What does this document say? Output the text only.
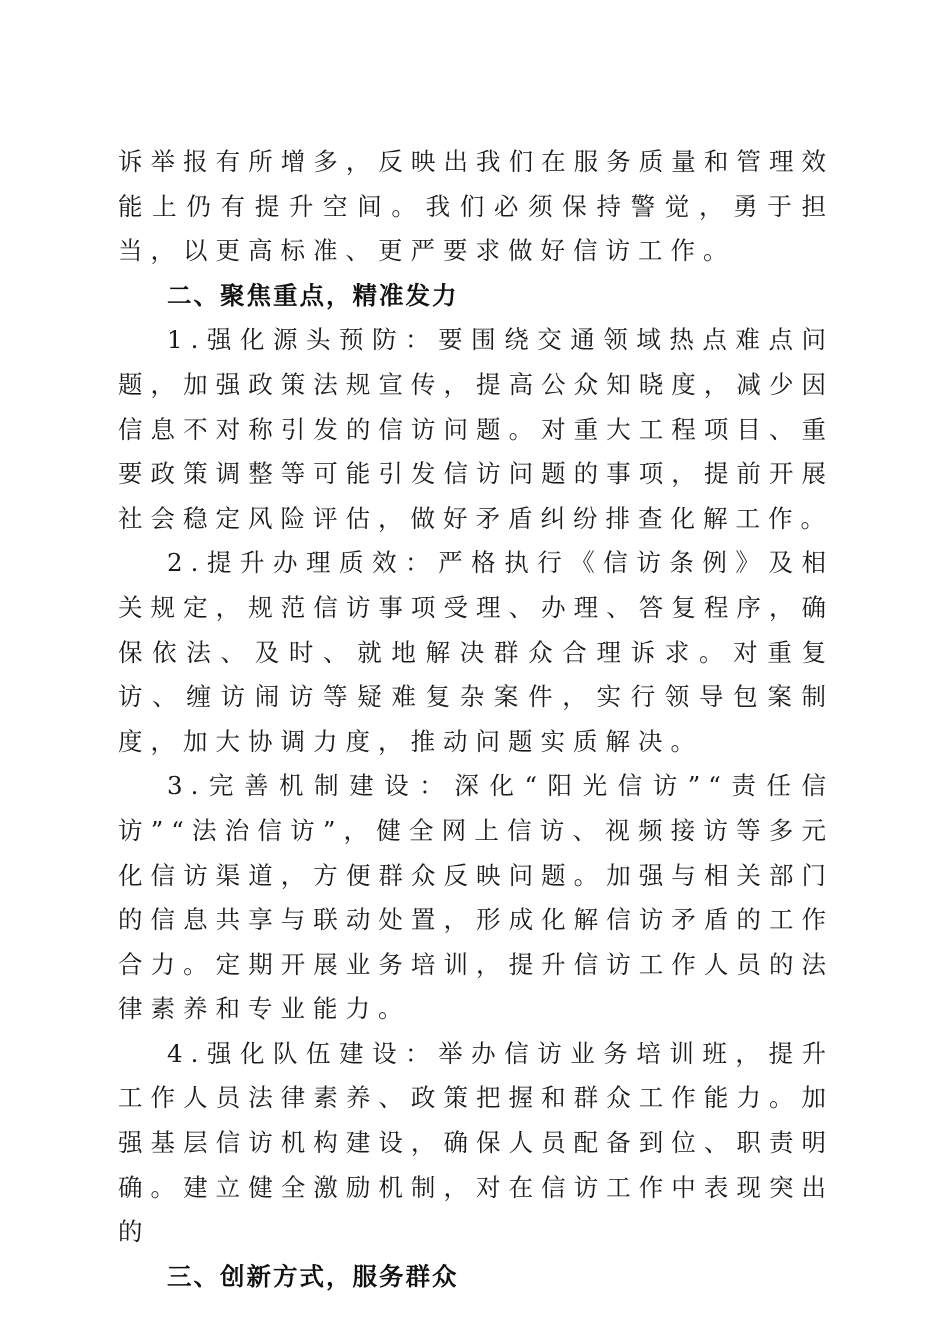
诉举报有所增多，反映出我们在服务质量和管理效能上仍有提升空间。我们必须保持警觉，勇于担当，以更高标准、更严要求做好信访工作。

二、聚焦重点，精准发力

1.强化源头预防：要围绕交通领域热点难点问题，加强政策法规宣传，提高公众知晓度，减少因信息不对称引发的信访问题。对重大工程项目、重要政策调整等可能引发信访问题的事项，提前开展社会稳定风险评估，做好矛盾纠纷排查化解工作。

2.提升办理质效：严格执行《信访条例》及相关规定，规范信访事项受理、办理、答复程序，确保依法、及时、就地解决群众合理诉求。对重复访、缠访闹访等疑难复杂案件，实行领导包案制度，加大协调力度，推动问题实质解决。

3.完善机制建设：深化“阳光信访”“责任信访”“法治信访”，健全网上信访、视频接访等多元化信访渠道，方便群众反映问题。加强与相关部门的信息共享与联动处置，形成化解信访矛盾的工作合力。定期开展业务培训，提升信访工作人员的法律素养和专业能力。

4.强化队伍建设：举办信访业务培训班，提升工作人员法律素养、政策把握和群众工作能力。加强基层信访机构建设，确保人员配备到位、职责明确。建立健全激励机制，对在信访工作中表现突出的

三、创新方式，服务群众
